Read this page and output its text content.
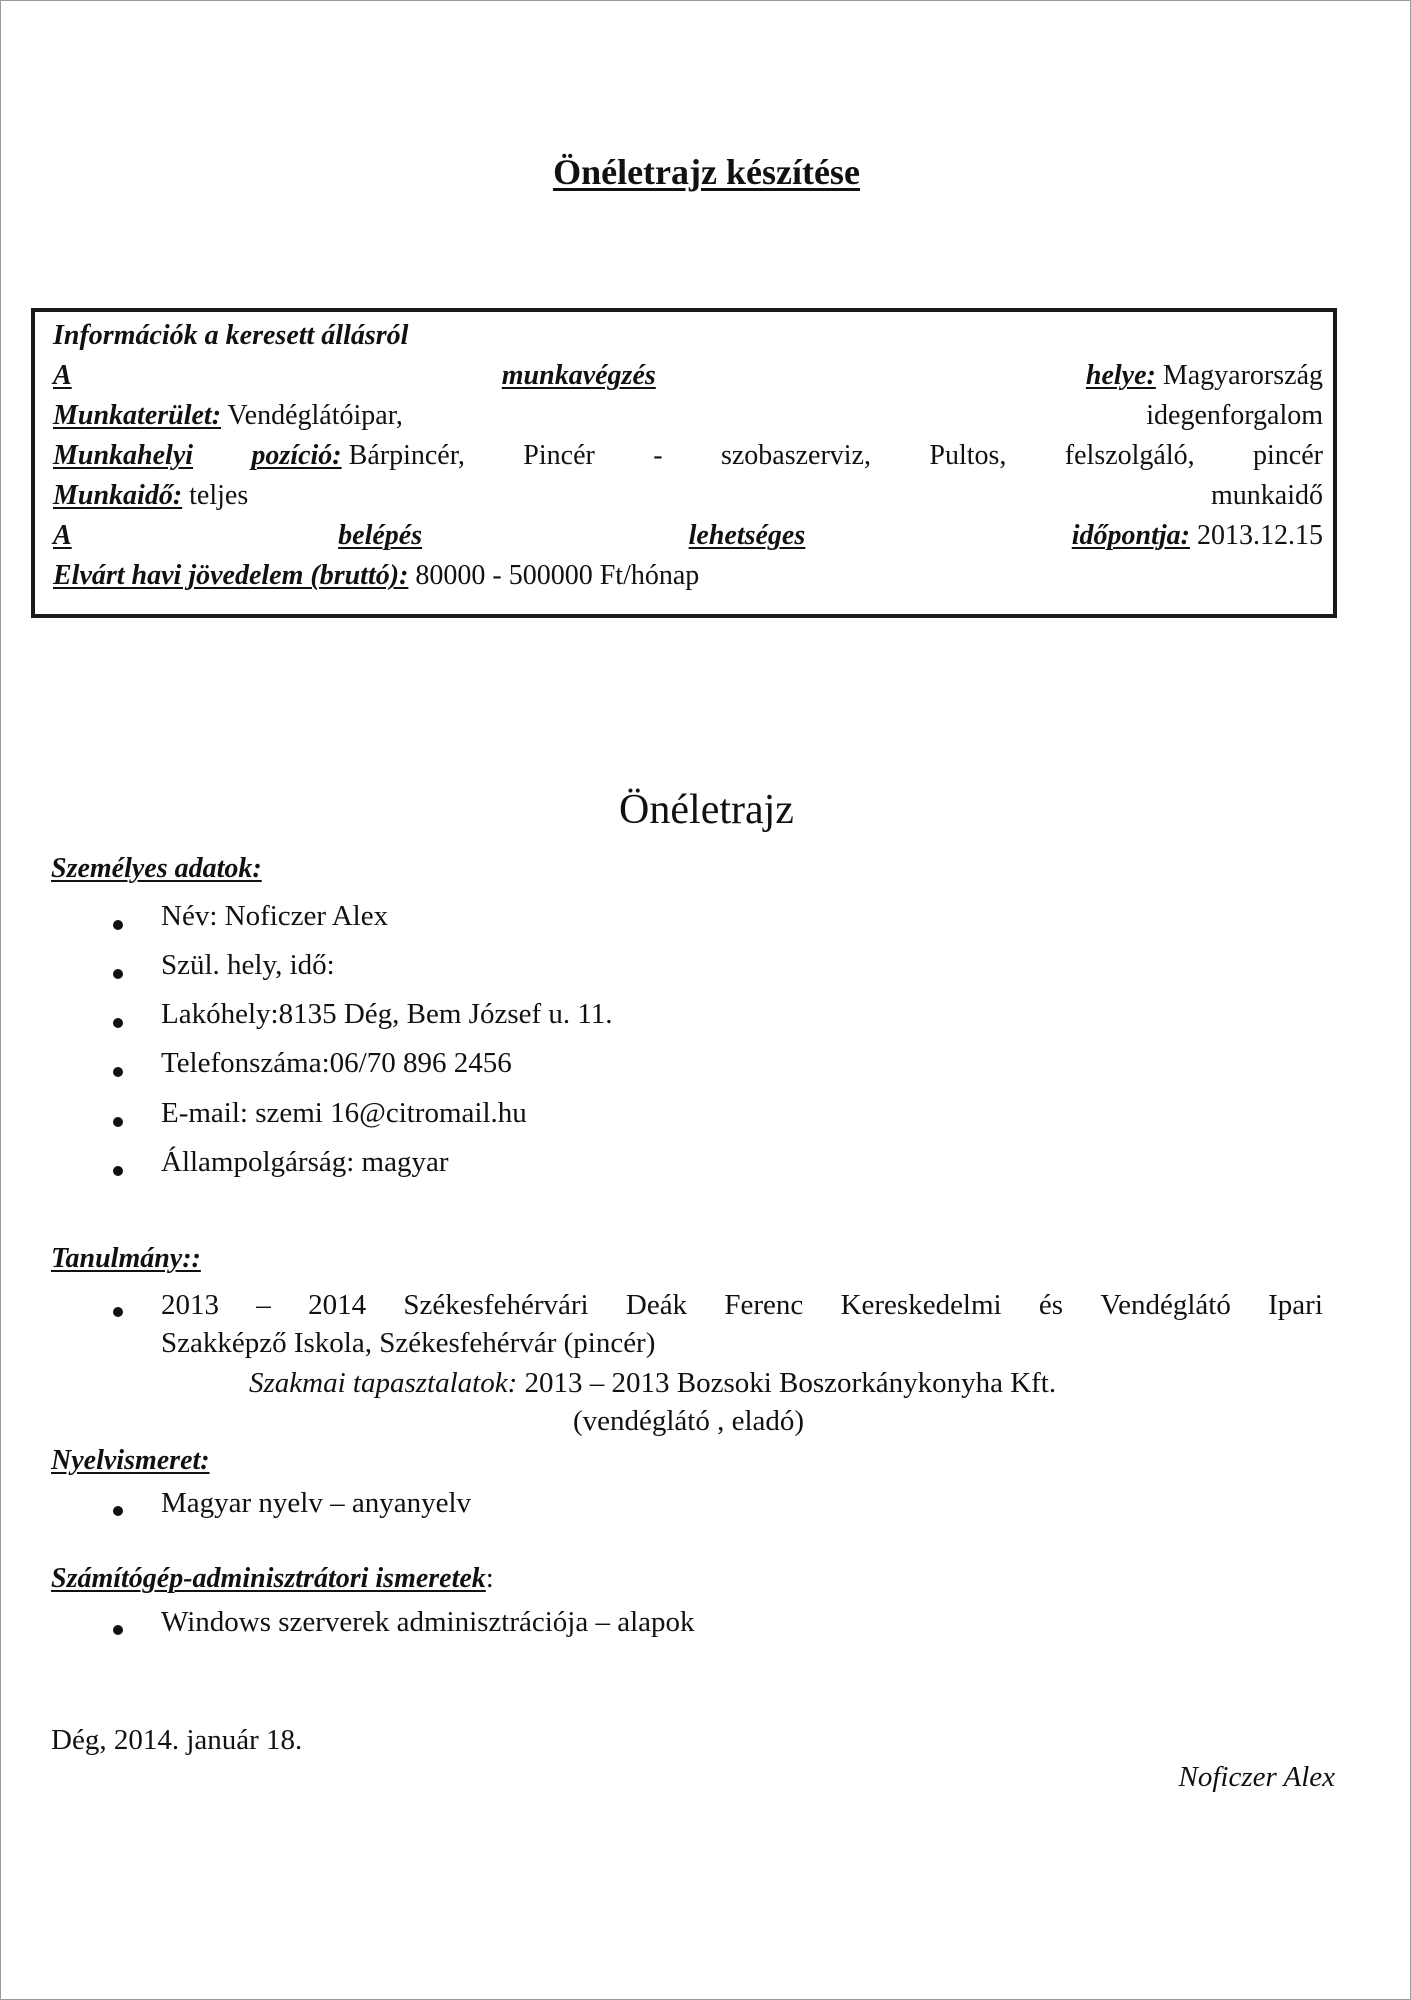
Önéletrajz készítése
Információk a keresett állásról
A	munkavégzés	helye:
Magyarország
Munkaterület: Vendéglátóipar,	idegenforgalom
Munkahelyi pozíció: Bárpincér, Pincér - szobaszerviz, Pultos, felszolgáló, pincér
Munkaidő: teljes	munkaidő
A	belépés	lehetséges	időpontja: 2013.12.15
Elvárt havi jövedelem (bruttó):
80000 - 500000 Ft/hónap
Önéletrajz
Személyes adatok:
Név: Noficzer Alex
Szül. hely, idő:
Lakóhely:8135 Dég, Bem József u. 11.
Telefonszáma:06/70 896 2456
E-mail: szemi 16@citromail.hu
Állampolgárság: magyar
Tanulmány::
2013 – 2014 Székesfehérvári Deák Ferenc Kereskedelmi és Vendéglátó Ipari
Szakképző Iskola, Székesfehérvár (pincér)
Szakmai tapasztalatok: 2013 – 2013 Bozsoki Boszorkánykonyha Kft.
(vendéglátó , eladó)
Nyelvismeret:
Magyar nyelv – anyanyelv
Számítógép-adminisztrátori ismeretek:
Windows szerverek adminisztrációja – alapok
Dég, 2014. január 18.
Noficzer Alex
